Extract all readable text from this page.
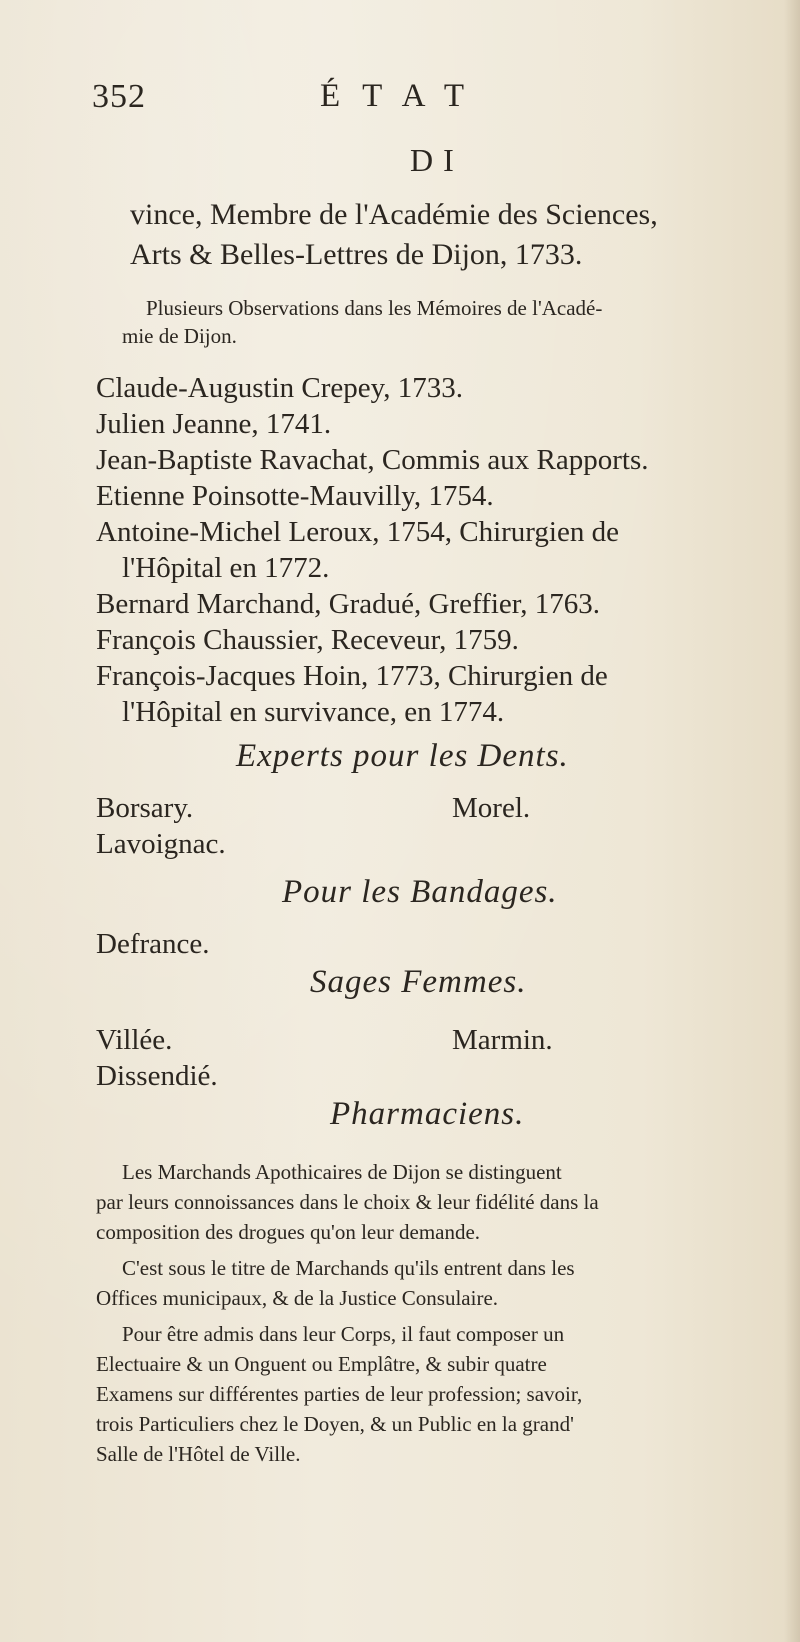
352	ÉTAT
DI
vince, Membre de l'Académie des Sciences,
Arts & Belles-Lettres de Dijon, 1733.
Plusieurs Observations dans les Mémoires de l'Acadé-
mie de Dijon.
Claude-Augustin Crepey, 1733.
Julien Jeanne, 1741.
Jean-Baptiste Ravachat, Commis aux Rapports.
Etienne Poinsotte-Mauvilly, 1754.
Antoine-Michel Leroux, 1754, Chirurgien de
l'Hôpital en 1772.
Bernard Marchand, Gradué, Greffier, 1763.
François Chaussier, Receveur, 1759.
François-Jacques Hoin, 1773, Chirurgien de
l'Hôpital en survivance, en 1774.
Experts pour les Dents.
Borsary.
Lavoignac.
Morel.
Pour les Bandages.
Defrance.
Sages Femmes.
Villée.
Dissendié.
Marmin.
Pharmaciens.
Les Marchands Apothicaires de Dijon se distinguent
par leurs connoissances dans le choix & leur fidélité dans la
composition des drogues qu'on leur demande.
C'est sous le titre de Marchands qu'ils entrent dans les
Offices municipaux, & de la Justice Consulaire.
Pour être admis dans leur Corps, il faut composer un
Electuaire & un Onguent ou Emplâtre, & subir quatre
Examens sur différentes parties de leur profession; savoir,
trois Particuliers chez le Doyen, & un Public en la grand'
Salle de l'Hôtel de Ville.
